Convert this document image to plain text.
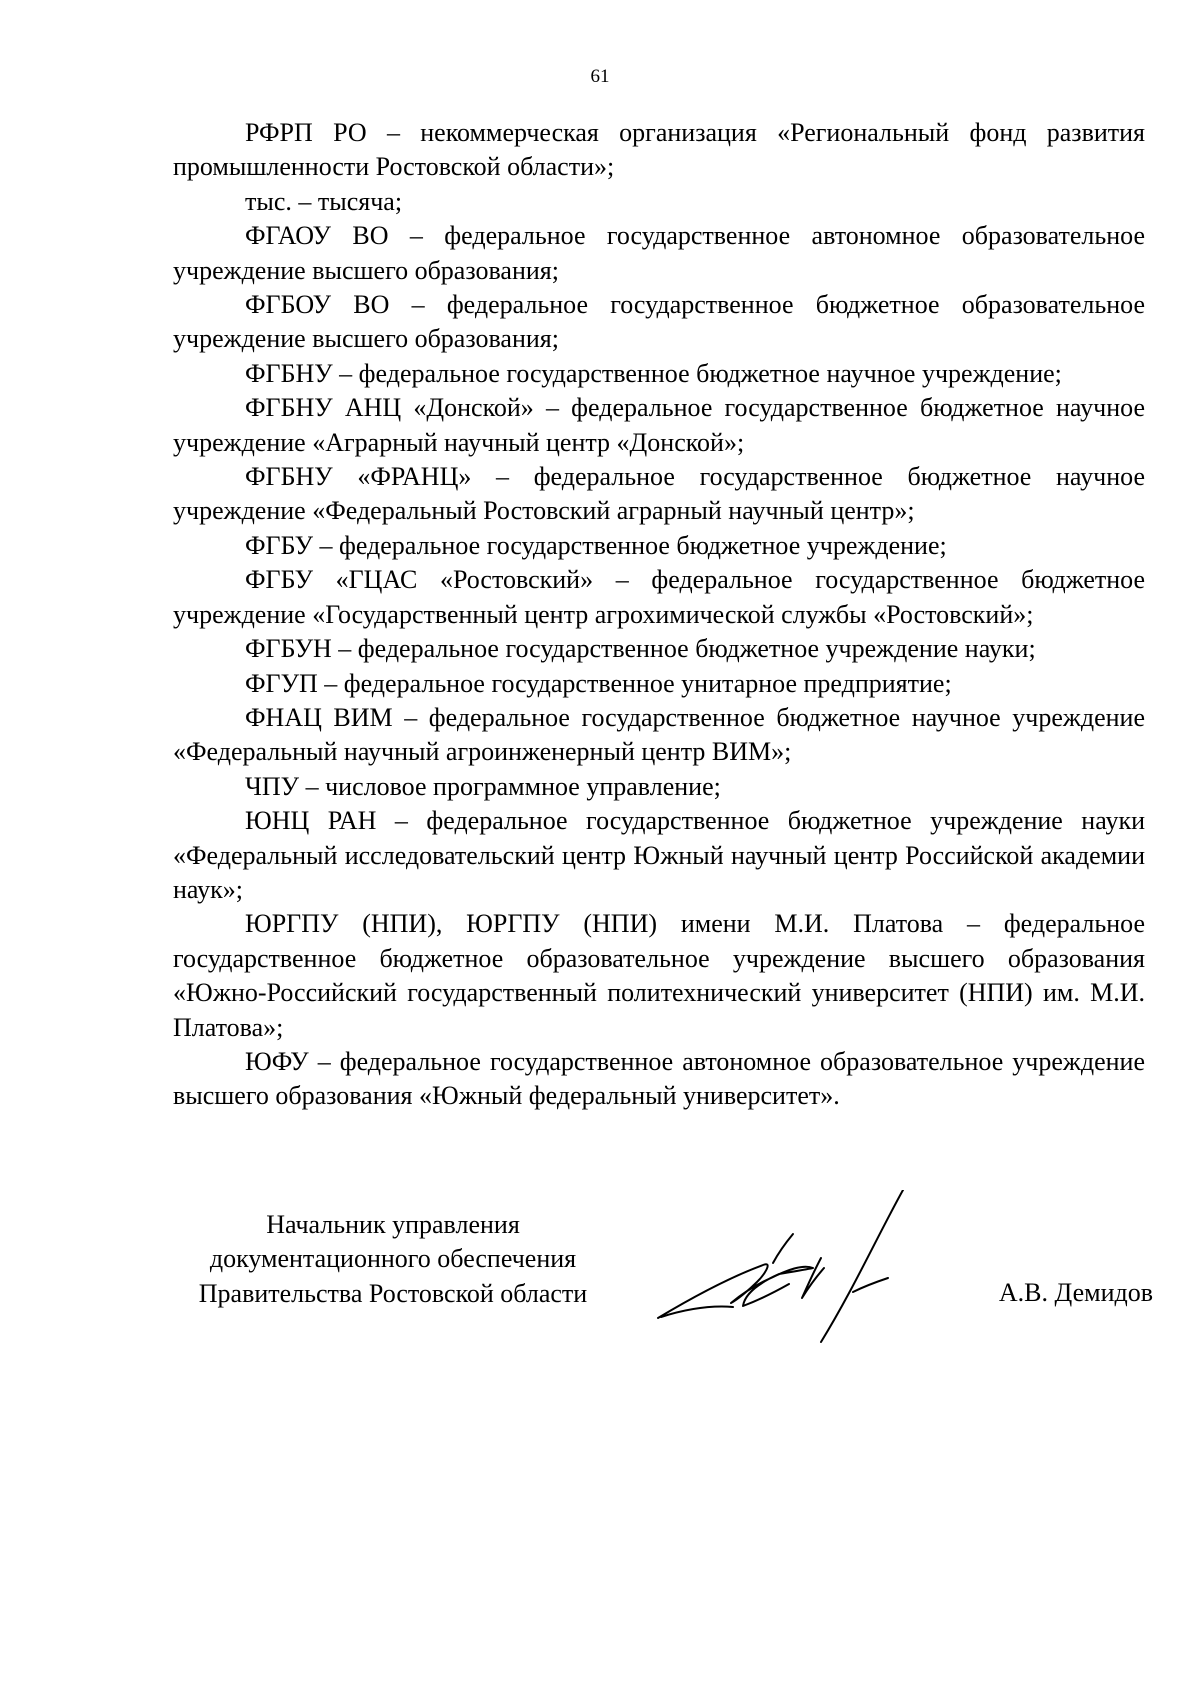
61

РФРП РО – некоммерческая организация «Региональный фонд развития промышленности Ростовской области»;

тыс. – тысяча;

ФГАОУ ВО – федеральное государственное автономное образовательное учреждение высшего образования;

ФГБОУ ВО – федеральное государственное бюджетное образовательное учреждение высшего образования;

ФГБНУ – федеральное государственное бюджетное научное учреждение;

ФГБНУ АНЦ «Донской» – федеральное государственное бюджетное научное учреждение «Аграрный научный центр «Донской»;

ФГБНУ «ФРАНЦ» – федеральное государственное бюджетное научное учреждение «Федеральный Ростовский аграрный научный центр»;

ФГБУ – федеральное государственное бюджетное учреждение;

ФГБУ «ГЦАС «Ростовский» – федеральное государственное бюджетное учреждение «Государственный центр агрохимической службы «Ростовский»;

ФГБУН – федеральное государственное бюджетное учреждение науки;

ФГУП – федеральное государственное унитарное предприятие;

ФНАЦ ВИМ – федеральное государственное бюджетное научное учреждение «Федеральный научный агроинженерный центр ВИМ»;

ЧПУ – числовое программное управление;

ЮНЦ РАН – федеральное государственное бюджетное учреждение науки «Федеральный исследовательский центр Южный научный центр Российской академии наук»;

ЮРГПУ (НПИ), ЮРГПУ (НПИ) имени М.И. Платова – федеральное государственное бюджетное образовательное учреждение высшего образования «Южно-Российский государственный политехнический университет (НПИ) им. М.И. Платова»;

ЮФУ – федеральное государственное автономное образовательное учреждение высшего образования «Южный федеральный университет».

Начальник управления
документационного обеспечения
Правительства Ростовской области	А.В. Демидов
